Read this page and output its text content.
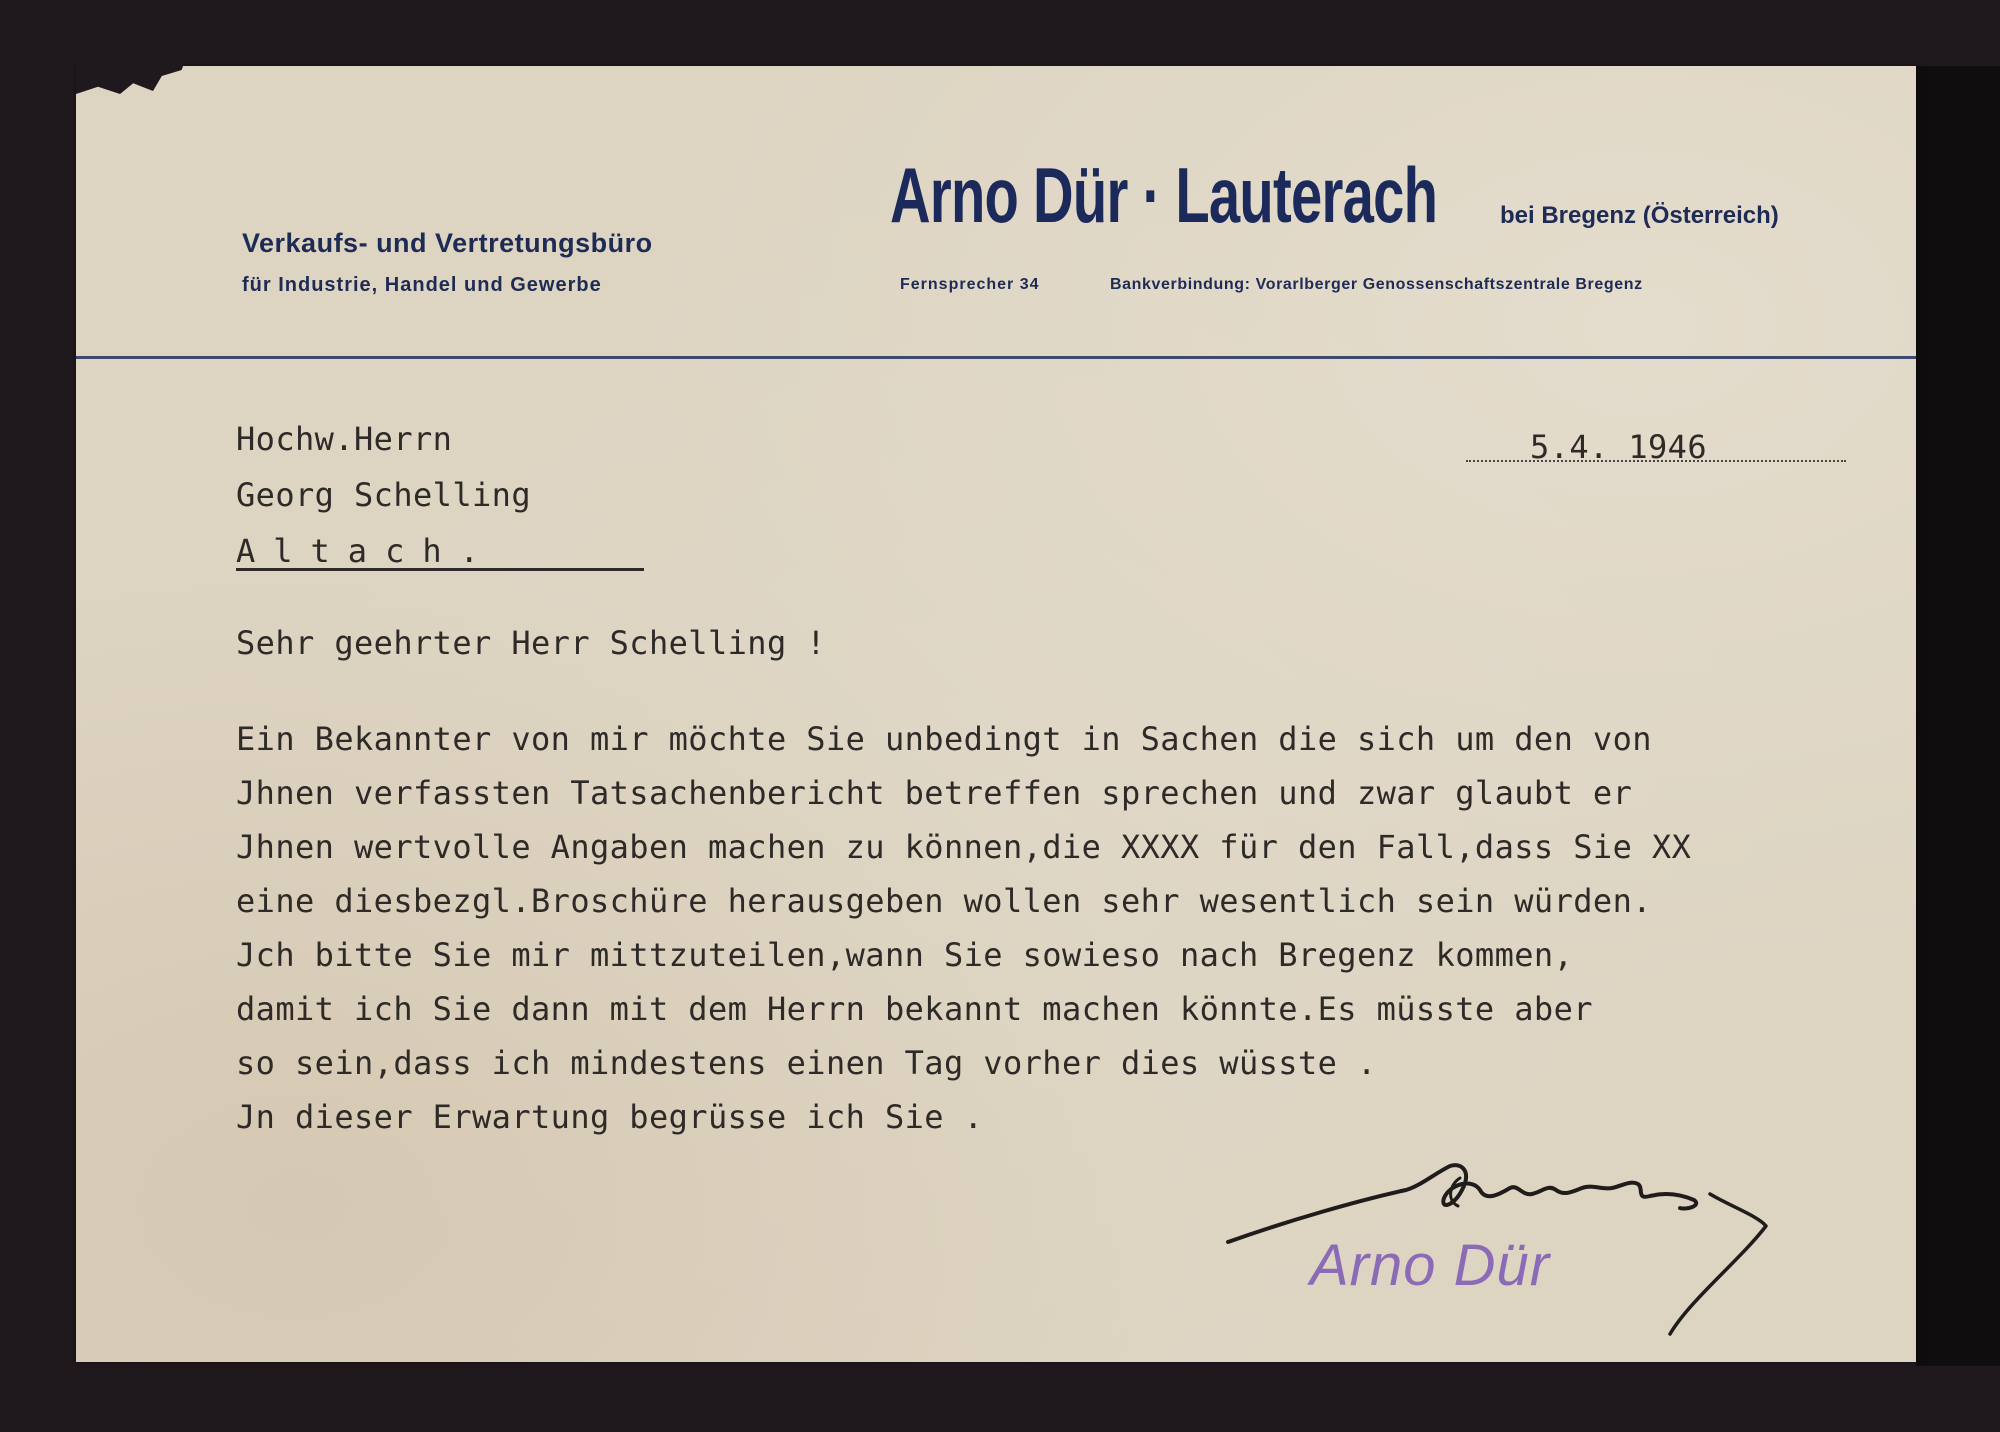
Verkaufs- und Vertretungsbüro
für Industrie, Handel und Gewerbe
Arno Dür · Lauterach	bei Bregenz (Österreich)
Fernsprecher 34	Bankverbindung: Vorarlberger Genossenschaftszentrale Bregenz
Hochw.Herrn
Georg Schelling
Altach.
5.4. 1946
Sehr geehrter Herr Schelling !
Ein Bekannter von mir möchte Sie unbedingt in Sachen die sich um den von
Jhnen verfassten Tatsachenbericht betreffen sprechen und zwar glaubt er
Jhnen wertvolle Angaben machen zu können,die XXXX für den Fall,dass Sie XX
eine diesbezgl.Broschüre herausgeben wollen sehr wesentlich sein würden.
Jch bitte Sie mir mittzuteilen,wann Sie sowieso nach Bregenz kommen,
damit ich Sie dann mit dem Herrn bekannt machen könnte.Es müsste aber
so sein,dass ich mindestens einen Tag vorher dies wüsste .
Jn dieser Erwartung begrüsse ich Sie .
Arno Dür
